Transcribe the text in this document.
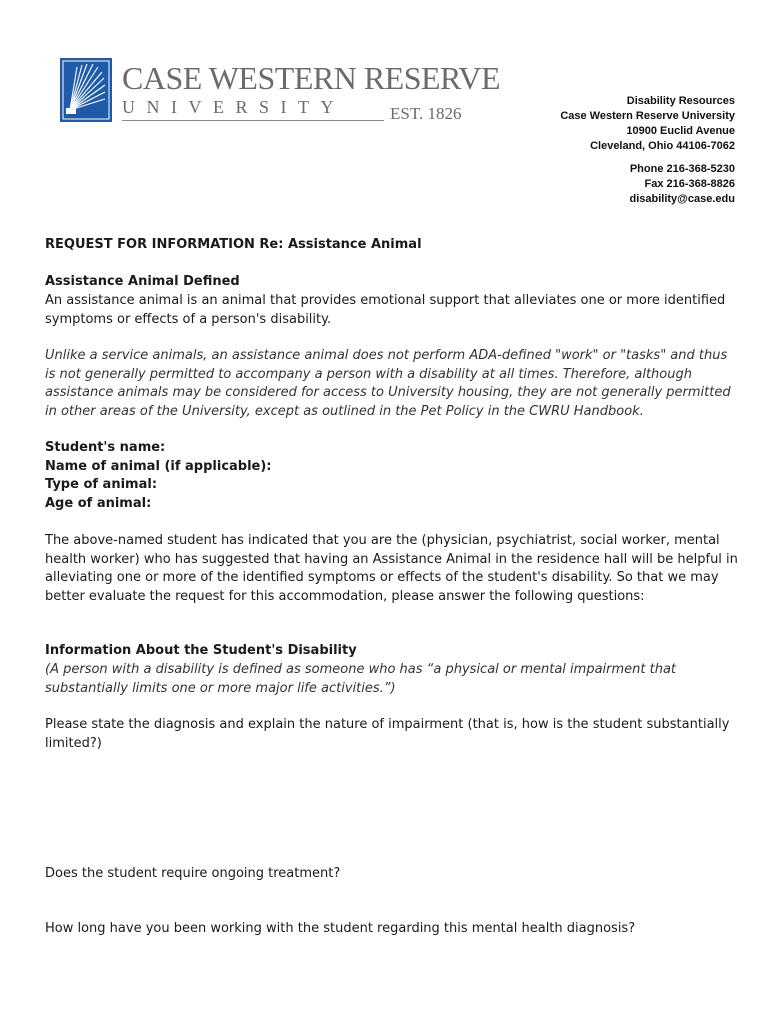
CASE WESTERN RESERVE
UNIVERSITY	EST. 1826
Disability Resources
Case Western Reserve University
10900 Euclid Avenue
Cleveland, Ohio 44106-7062
Phone 216-368-5230
Fax 216-368-8826
disability@case.edu
REQUEST FOR INFORMATION Re: Assistance Animal
Assistance Animal Defined
An assistance animal is an animal that provides emotional support that alleviates one or more identified symptoms or effects of a person's disability.
Unlike a service animals, an assistance animal does not perform ADA-defined "work" or "tasks" and thus is not generally permitted to accompany a person with a disability at all times. Therefore, although assistance animals may be considered for access to University housing, they are not generally permitted in other areas of the University, except as outlined in the Pet Policy in the CWRU Handbook.
Student's name:
Name of animal (if applicable):
Type of animal:
Age of animal:
The above-named student has indicated that you are the (physician, psychiatrist, social worker, mental health worker) who has suggested that having an Assistance Animal in the residence hall will be helpful in alleviating one or more of the identified symptoms or effects of the student's disability. So that we may better evaluate the request for this accommodation, please answer the following questions:
Information About the Student's Disability
(A person with a disability is defined as someone who has “a physical or mental impairment that substantially limits one or more major life activities.”)
Please state the diagnosis and explain the nature of impairment (that is, how is the student substantially limited?)
Does the student require ongoing treatment?
How long have you been working with the student regarding this mental health diagnosis?
